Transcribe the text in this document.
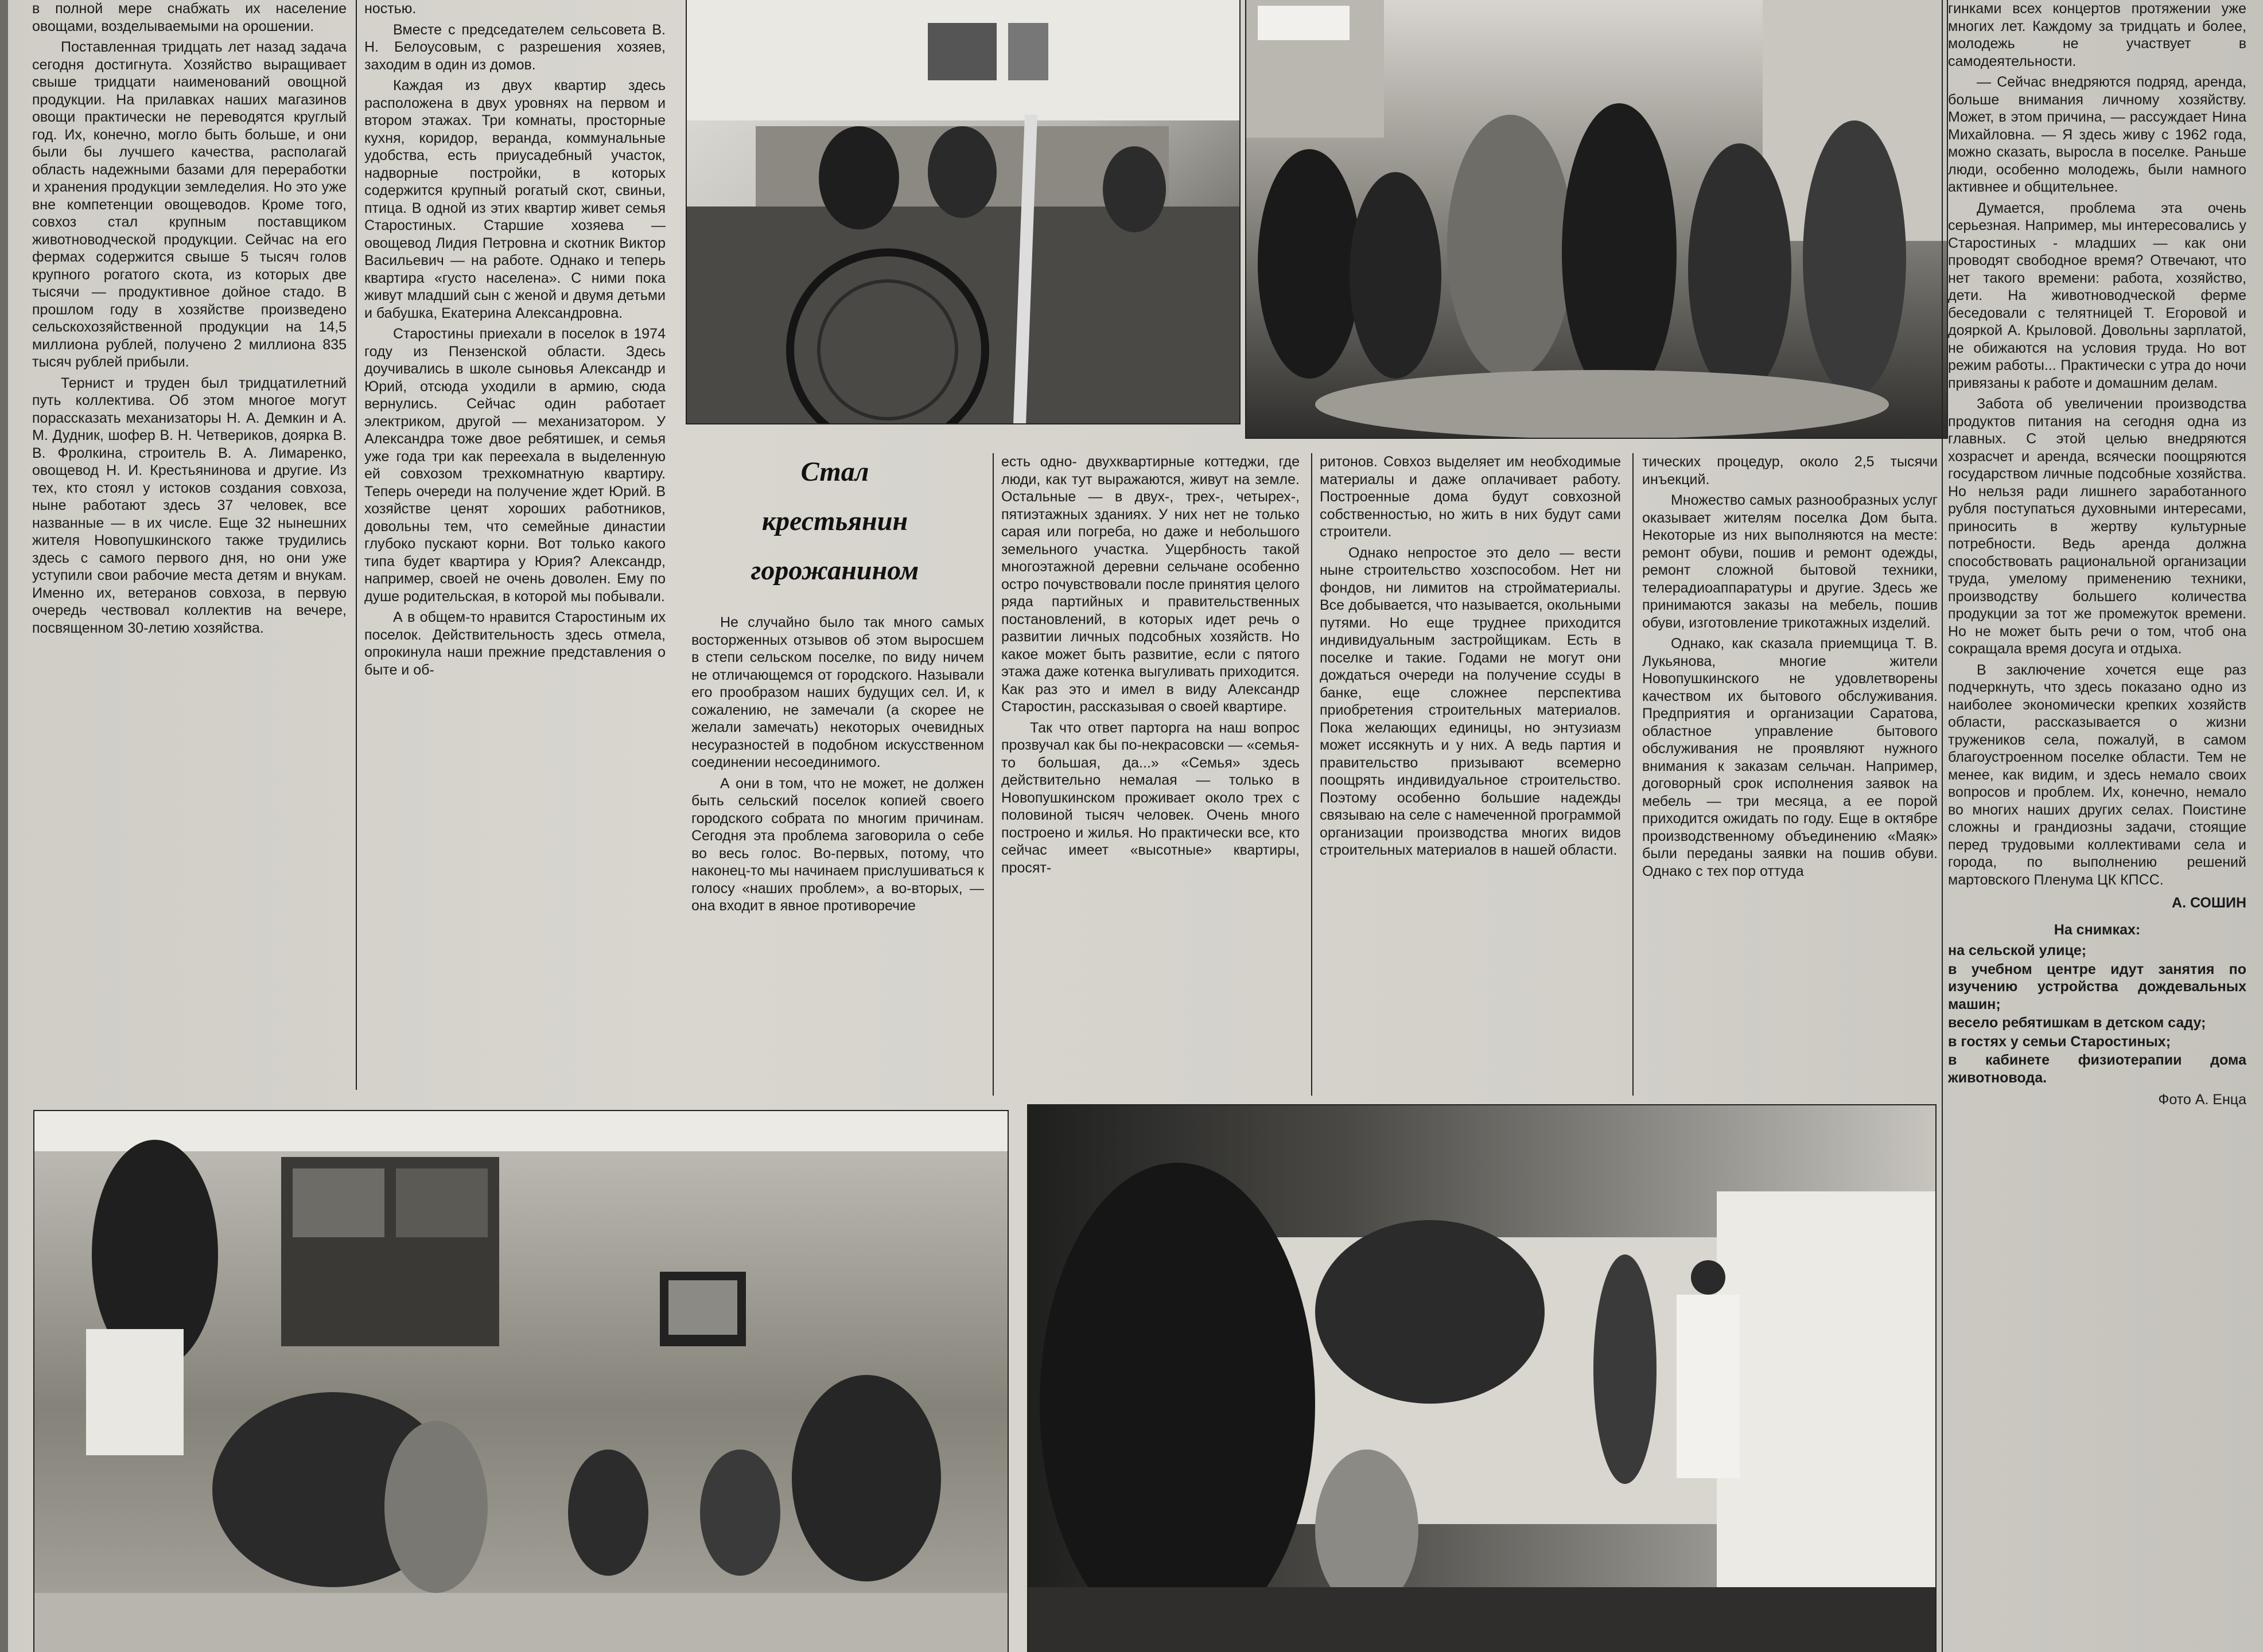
в полной мере снабжать их население овощами, возделываемыми на орошении.

Поставленная тридцать лет назад задача сегодня достигнута. Хозяйство выращивает свыше тридцати наименований овощной продукции. На прилавках наших магазинов овощи практически не переводятся круглый год. Их, конечно, могло быть больше, и они были бы лучшего качества, располагай область надежными базами для переработки и хранения продукции земледелия. Но это уже вне компетенции овощеводов. Кроме того, совхоз стал крупным поставщиком животноводческой продукции. Сейчас на его фермах содержится свыше 5 тысяч голов крупного рогатого скота, из которых две тысячи — продуктивное дойное стадо. В прошлом году в хозяйстве произведено сельскохозяйственной продукции на 14,5 миллиона рублей, получено 2 миллиона 835 тысяч рублей прибыли.

Тернист и труден был тридцатилетний путь коллектива. Об этом многое могут порассказать механизаторы Н. А. Демкин и А. М. Дудник, шофер В. Н. Четвериков, доярка В. В. Фролкина, строитель В. А. Лимаренко, овощевод Н. И. Крестьянинова и другие. Из тех, кто стоял у истоков создания совхоза, ныне работают здесь 37 человек, все названные — в их числе. Еще 32 нынешних жителя Новопушкинского также трудились здесь с самого первого дня, но они уже уступили свои рабочие места детям и внукам. Именно их, ветеранов совхоза, в первую очередь чествовал коллектив на вечере, посвященном 30-летию хозяйства.

ностью.

Вместе с председателем сельсовета В. Н. Белоусовым, с разрешения хозяев, заходим в один из домов.

Каждая из двух квартир здесь расположена в двух уровнях на первом и втором этажах. Три комнаты, просторные кухня, коридор, веранда, коммунальные удобства, есть приусадебный участок, надворные постройки, в которых содержится крупный рогатый скот, свиньи, птица. В одной из этих квартир живет семья Старостиных. Старшие хозяева — овощевод Лидия Петровна и скотник Виктор Васильевич — на работе. Однако и теперь квартира «густо населена». С ними пока живут младший сын с женой и двумя детьми и бабушка, Екатерина Александровна.

Старостины приехали в поселок в 1974 году из Пензенской области. Здесь доучивались в школе сыновья Александр и Юрий, отсюда уходили в армию, сюда вернулись. Сейчас один работает электриком, другой — механизатором. У Александра тоже двое ребятишек, и семья уже года три как переехала в выделенную ей совхозом трехкомнатную квартиру. Теперь очереди на получение ждет Юрий. В хозяйстве ценят хороших работников, довольны тем, что семейные династии глубоко пускают корни. Вот только какого типа будет квартира у Юрия? Александр, например, своей не очень доволен. Ему по душе родительская, в которой мы побывали.

А в общем-то нравится Старостиным их поселок. Действительность здесь отмела, опрокинула наши прежние представления о быте и об-

Стал
крестьянин
горожанином

Не случайно было так много самых восторженных отзывов об этом выросшем в степи сельском поселке, по виду ничем не отличающемся от городского. Называли его прообразом наших будущих сел. И, к сожалению, не замечали (а скорее не желали замечать) некоторых очевидных несуразностей в подобном искусственном соединении несоединимого.

А они в том, что не может, не должен быть сельский поселок копией своего городского собрата по многим причинам. Сегодня эта проблема заговорила о себе во весь голос. Во-первых, потому, что наконец-то мы начинаем прислушиваться к голосу «наших проблем», а во-вторых, — она входит в явное противоречие

есть одно- двухквартирные коттеджи, где люди, как тут выражаются, живут на земле. Остальные — в двух-, трех-, четырех-, пятиэтажных зданиях. У них нет не только сарая или погреба, но даже и небольшого земельного участка. Ущербность такой многоэтажной деревни сельчане особенно остро почувствовали после принятия целого ряда партийных и правительственных постановлений, в которых идет речь о развитии личных подсобных хозяйств. Но какое может быть развитие, если с пятого этажа даже котенка выгуливать приходится. Как раз это и имел в виду Александр Старостин, рассказывая о своей квартире.

Так что ответ парторга на наш вопрос прозвучал как бы по-некрасовски — «семья-то большая, да...» «Семья» здесь действительно немалая — только в Новопушкинском проживает около трех с половиной тысяч человек. Очень много построено и жилья. Но практически все, кто сейчас имеет «высотные» квартиры, просят-

ритонов. Совхоз выделяет им необходимые материалы и даже оплачивает работу. Построенные дома будут совхозной собственностью, но жить в них будут сами строители.

Однако непростое это дело — вести ныне строительство хозспособом. Нет ни фондов, ни лимитов на стройматериалы. Все добывается, что называется, окольными путями. Но еще труднее приходится индивидуальным застройщикам. Есть в поселке и такие. Годами не могут они дождаться очереди на получение ссуды в банке, еще сложнее перспектива приобретения строительных материалов. Пока желающих единицы, но энтузиазм может иссякнуть и у них. А ведь партия и правительство призывают всемерно поощрять индивидуальное строительство. Поэтому особенно большие надежды связываю на селе с намеченной программой организации производства многих видов строительных материалов в нашей области.

тических процедур, около 2,5 тысячи инъекций.

Множество самых разнообразных услуг оказывает жителям поселка Дом быта. Некоторые из них выполняются на месте: ремонт обуви, пошив и ремонт одежды, ремонт сложной бытовой техники, телерадиоаппаратуры и другие. Здесь же принимаются заказы на мебель, пошив обуви, изготовление трикотажных изделий.

Однако, как сказала приемщица Т. В. Лукьянова, многие жители Новопушкинского не удовлетворены качеством их бытового обслуживания. Предприятия и организации Саратова, областное управление бытового обслуживания не проявляют нужного внимания к заказам сельчан. Например, договорный срок исполнения заявок на мебель — три месяца, а ее порой приходится ожидать по году. Еще в октябре производственному объединению «Маяк» были переданы заявки на пошив обуви. Однако с тех пор оттуда

гинками всех концертов протяжении уже многих лет. Каждому за тридцать и более, молодежь не участвует в самодеятельности.

— Сейчас внедряются подряд, аренда, больше внимания личному хозяйству. Может, в этом причина, — рассуждает Нина Михайловна. — Я здесь живу с 1962 года, можно сказать, выросла в поселке. Раньше люди, особенно молодежь, были намного активнее и общительнее.

Думается, проблема эта очень серьезная. Например, мы интересовались у Старостиных - младших — как они проводят свободное время? Отвечают, что нет такого времени: работа, хозяйство, дети. На животноводческой ферме беседовали с телятницей Т. Егоровой и дояркой А. Крыловой. Довольны зарплатой, не обижаются на условия труда. Но вот режим работы... Практически с утра до ночи привязаны к работе и домашним делам.

Забота об увеличении производства продуктов питания на сегодня одна из главных. С этой целью внедряются хозрасчет и аренда, всячески поощряются государством личные подсобные хозяйства. Но нельзя ради лишнего заработанного рубля поступаться духовными интересами, приносить в жертву культурные потребности. Ведь аренда должна способствовать рациональной организации труда, умелому применению техники, производству большего количества продукции за тот же промежуток времени. Но не может быть речи о том, чтоб она сокращала время досуга и отдыха.

В заключение хочется еще раз подчеркнуть, что здесь показано одно из наиболее экономически крепких хозяйств области, рассказывается о жизни тружеников села, пожалуй, в самом благоустроенном поселке области. Тем не менее, как видим, и здесь немало своих вопросов и проблем. Их, конечно, немало во многих наших других селах. Поистине сложны и грандиозны задачи, стоящие перед трудовыми коллективами села и города, по выполнению решений мартовского Пленума ЦК КПСС.

А. СОШИН
На снимках:
на сельской улице;
в учебном центре идут занятия по изучению устройства дождевальных машин;
весело ребятишкам в детском саду;
в гостях у семьи Старостиных;
в кабинете физиотерапии дома животновода.
Фото А. Енца
